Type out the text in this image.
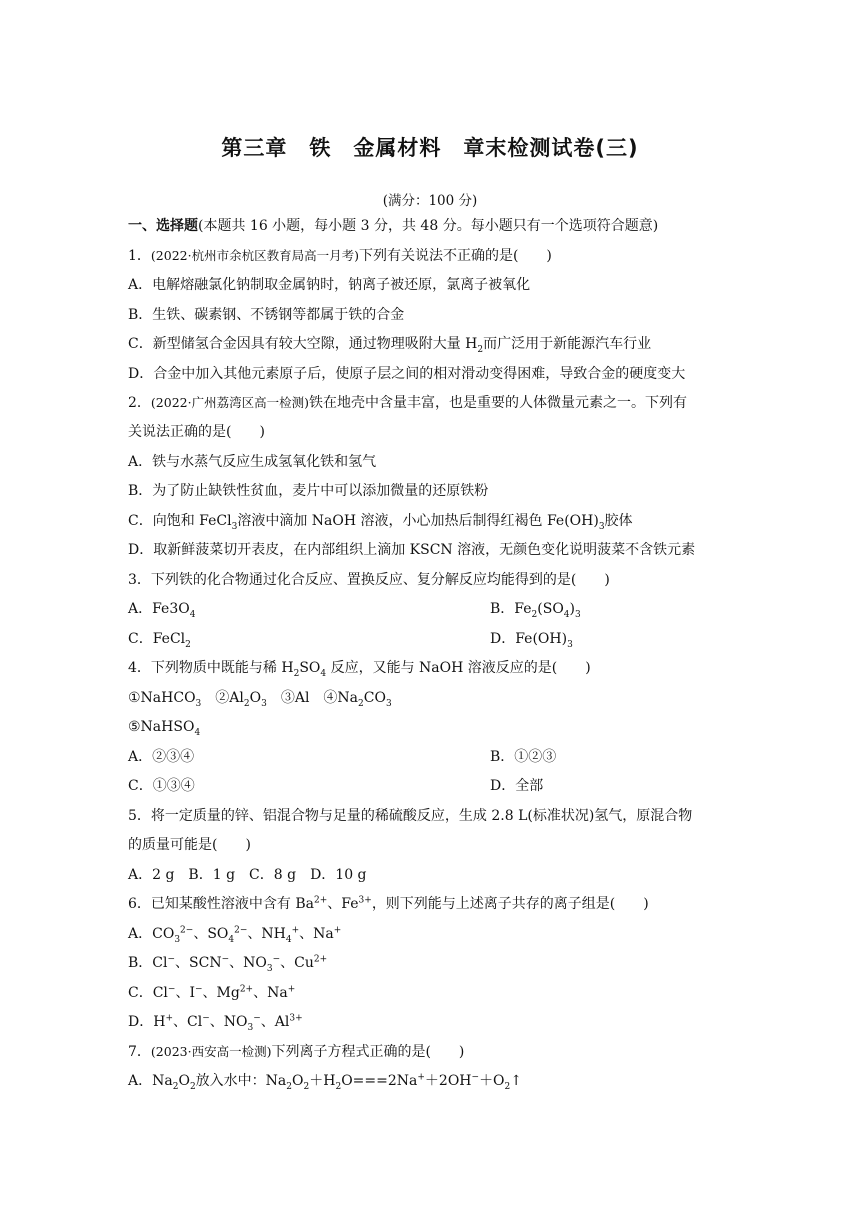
第三章　铁　金属材料　章末检测试卷(三)
(满分：100 分)
一、选择题(本题共 16 小题，每小题 3 分，共 48 分。每小题只有一个选项符合题意)
1．(2022·杭州市余杭区教育局高一月考)下列有关说法不正确的是(　　)
A．电解熔融氯化钠制取金属钠时，钠离子被还原，氯离子被氧化
B．生铁、碳素钢、不锈钢等都属于铁的合金
C．新型储氢合金因具有较大空隙，通过物理吸附大量 $H_2$而广泛用于新能源汽车行业
D．合金中加入其他元素原子后，使原子层之间的相对滑动变得困难，导致合金的硬度变大
2．(2022·广州荔湾区高一检测)铁在地壳中含量丰富，也是重要的人体微量元素之一。下列有
关说法正确的是(　　)
A．铁与水蒸气反应生成氢氧化铁和氢气
B．为了防止缺铁性贫血，麦片中可以添加微量的还原铁粉
C．向饱和 FeCl$_3$溶液中滴加 NaOH 溶液，小心加热后制得红褐色 $Fe(OH)_3$胶体
D．取新鲜菠菜切开表皮，在内部组织上滴加 KSCN 溶液，无颜色变化说明菠菜不含铁元素
3．下列铁的化合物通过化合反应、置换反应、复分解反应均能得到的是(　　)
A．$Fe3O_4$	B．$Fe_2(SO_4)_3$
C．FeCl$_2$	D．$Fe(OH)_3$
4．下列物质中既能与稀 $H_2SO_4$ 反应，又能与 NaOH 溶液反应的是(　　)
①NaHCO$_3$　$②Al_2O_3$　③Al　$④Na_2CO_3$
⑤NaHSO$_4$
A．②③④	B．①②③
C．①③④	D．全部
5．将一定质量的锌、铝混合物与足量的稀硫酸反应，生成 2.8 L(标准状况)氢气，原混合物
的质量可能是(　　)
A．2 g　B．1 g　C．8 g　D．10 g
6．已知某酸性溶液中含有 $Ba^{2+}$、$Fe^{3+}$，则下列能与上述离子共存的离子组是(　　)
A．$CO_3^{2-}$、$SO_4^{2-}$、$NH_4^+$、Na+
B．Cl−、SCN−、$NO_3^-$、$Cu^{2+}$
C．Cl−、I−、$Mg^{2+}$、Na+
D．H+、Cl−、$NO_3^-$、$Al^{3+}$
7．(2023·西安高一检测)下列离子方程式正确的是(　　)
A．$Na_2O_2$放入水中：$Na_2O_2+H_2O===2Na^++2OH^-+O_2↑$
